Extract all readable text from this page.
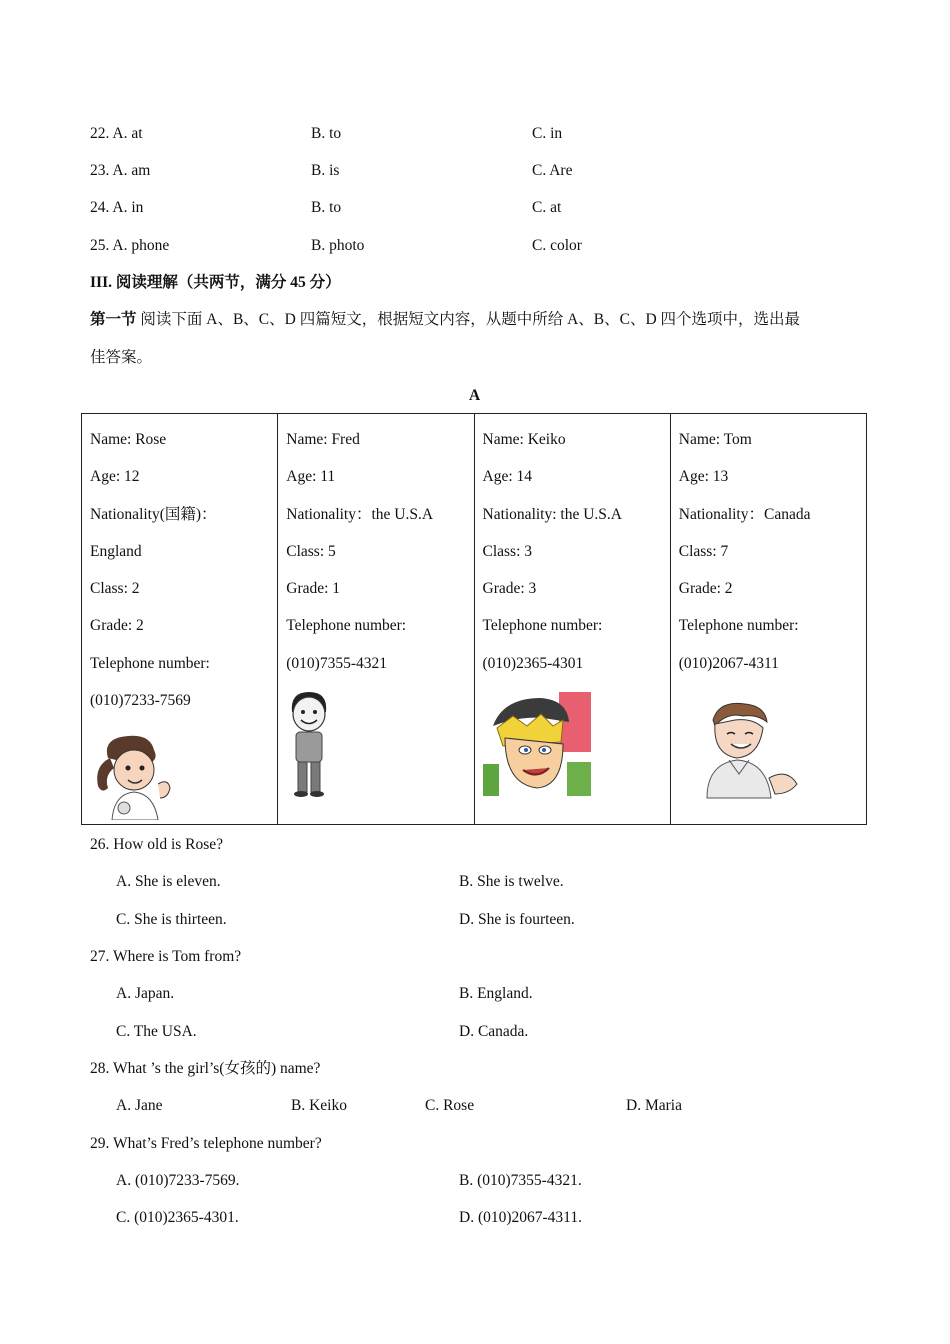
22. A. at	B. to	C. in
23. A. am	B. is	C. Are
24. A. in	B. to	C. at
25. A. phone	B. photo	C. color
III. 阅读理解（共两节，满分 45 分）
第一节 阅读下面 A、B、C、D 四篇短文，根据短文内容，从题中所给 A、B、C、D 四个选项中，选出最
佳答案。
A
Name: Rose
Age: 12
Nationality(国籍)：
England
Class: 2
Grade: 2
Telephone number:
(010)7233-7569
Name: Fred
Age: 11
Nationality：the U.S.A
Class: 5
Grade: 1
Telephone number:
(010)7355-4321
Name: Keiko
Age: 14
Nationality: the U.S.A
Class: 3
Grade: 3
Telephone number:
(010)2365-4301
Name: Tom
Age: 13
Nationality：Canada
Class: 7
Grade: 2
Telephone number:
(010)2067-4311
26. How old is Rose?
A. She is eleven.	B. She is twelve.
C. She is thirteen.	D. She is fourteen.
27. Where is Tom from?
A. Japan.	B. England.
C. The USA.	D. Canada.
28. What ’s the girl’s(女孩的) name?
A. Jane	B. Keiko	C. Rose	D. Maria
29. What’s Fred’s telephone number?
A. (010)7233-7569.	B. (010)7355-4321.
C. (010)2365-4301.	D. (010)2067-4311.
